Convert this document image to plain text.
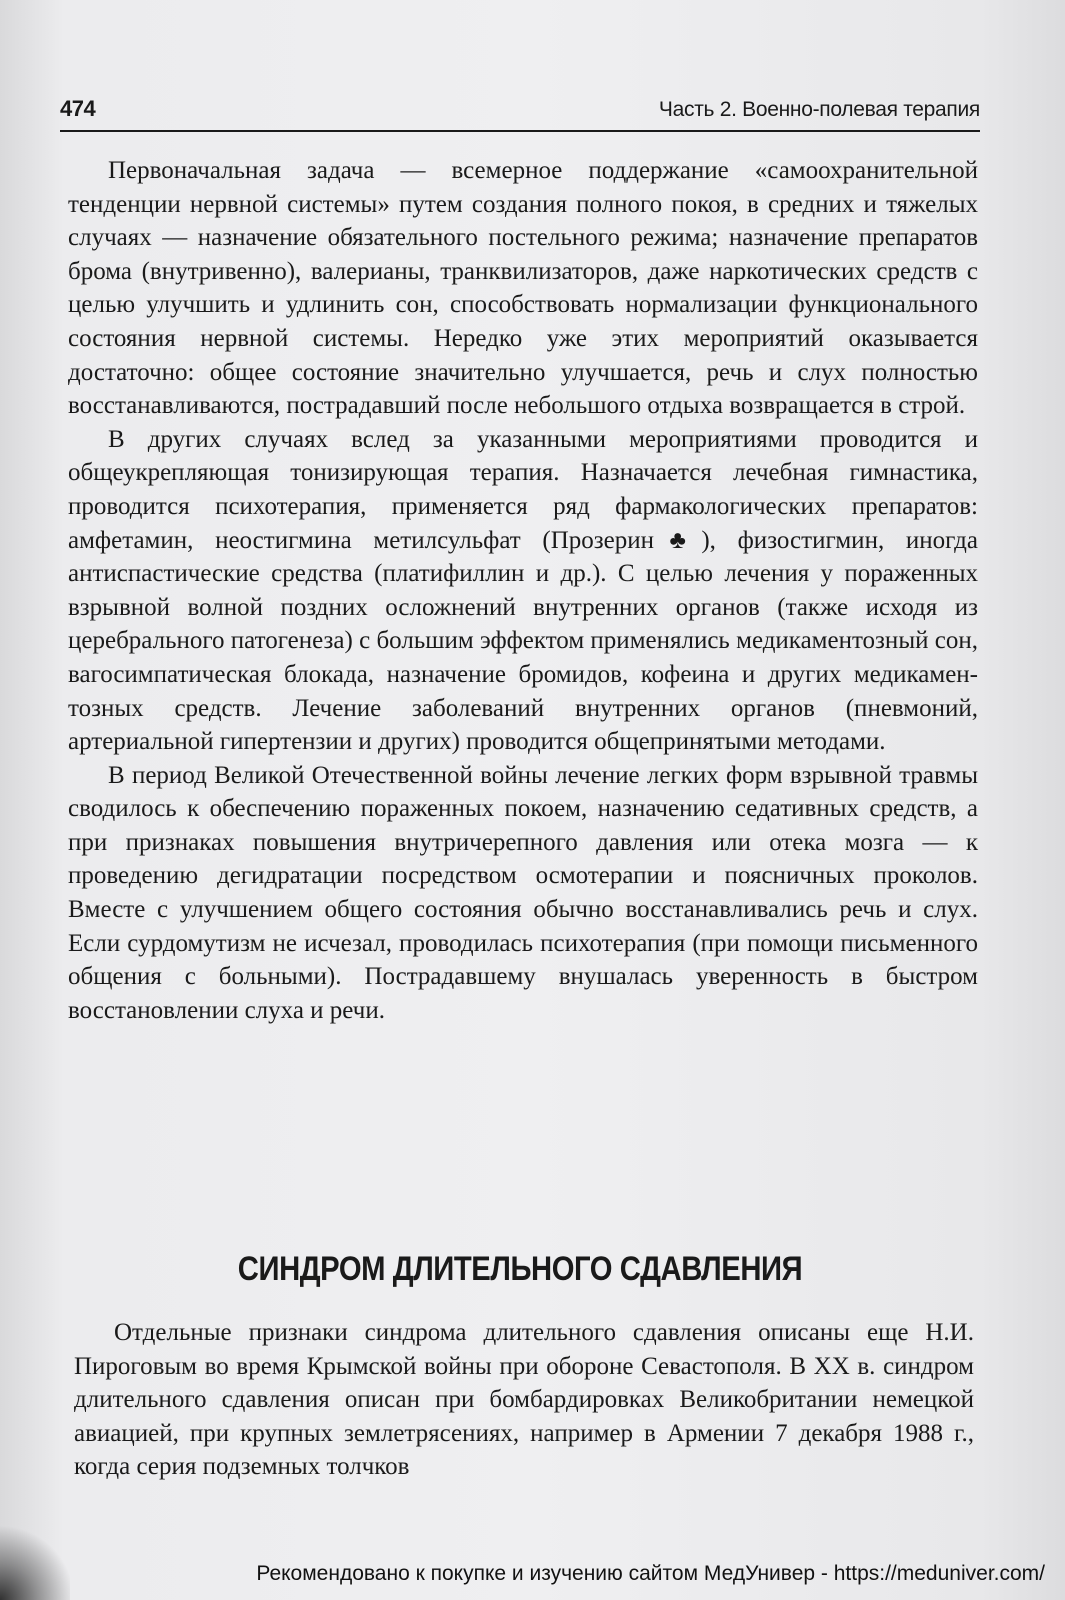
474	Часть 2. Военно-полевая терапия

Первоначальная задача — всемерное поддержание «самоохранительной тенденции нервной системы» путем создания полного покоя, в средних и тяжелых случаях — назначение обязательного постельного режима; назначение препаратов брома (внутривенно), валерианы, транквилизаторов, даже наркотических средств с целью улучшить и удлинить сон, способствовать нормализации функционального состояния нервной системы. Нередко уже этих мероприятий оказывается достаточно: общее состояние значительно улучшается, речь и слух полностью восстанавливаются, пострадавший после небольшого отдыха возвращается в строй.

В других случаях вслед за указанными мероприятиями проводится и общеукрепляющая тонизирующая терапия. Назначается лечебная гимнастика, проводится психотерапия, применяется ряд фармакологических препаратов: амфетамин, неостигмина метилсульфат (Прозерин♣), физостигмин, иногда антиспастические средства (платифиллин и др.). С целью лечения у пораженных взрывной волной поздних осложнений внутренних органов (также исходя из церебрального патогенеза) с большим эффектом применялись медикаментозный сон, вагосимпатическая блокада, назначение бромидов, кофеина и других медикаментозных средств. Лечение заболеваний внутренних органов (пневмоний, артериальной гипертензии и других) проводится общепринятыми методами.

В период Великой Отечественной войны лечение легких форм взрывной травмы сводилось к обеспечению пораженных покоем, назначению седативных средств, а при признаках повышения внутричерепного давления или отека мозга — к проведению дегидратации посредством осмотерапии и поясничных проколов. Вместе с улучшением общего состояния обычно восстанавливались речь и слух. Если сурдомутизм не исчезал, проводилась психотерапия (при помощи письменного общения с больными). Пострадавшему внушалась уверенность в быстром восстановлении слуха и речи.

СИНДРОМ ДЛИТЕЛЬНОГО СДАВЛЕНИЯ

Отдельные признаки синдрома длительного сдавления описаны еще Н.И. Пироговым во время Крымской войны при обороне Севастополя. В XX в. синдром длительного сдавления описан при бомбардировках Великобритании немецкой авиацией, при крупных землетрясениях, например в Армении 7 декабря 1988 г., когда серия подземных толчков

Рекомендовано к покупке и изучению сайтом МедУнивер - https://meduniver.com/
